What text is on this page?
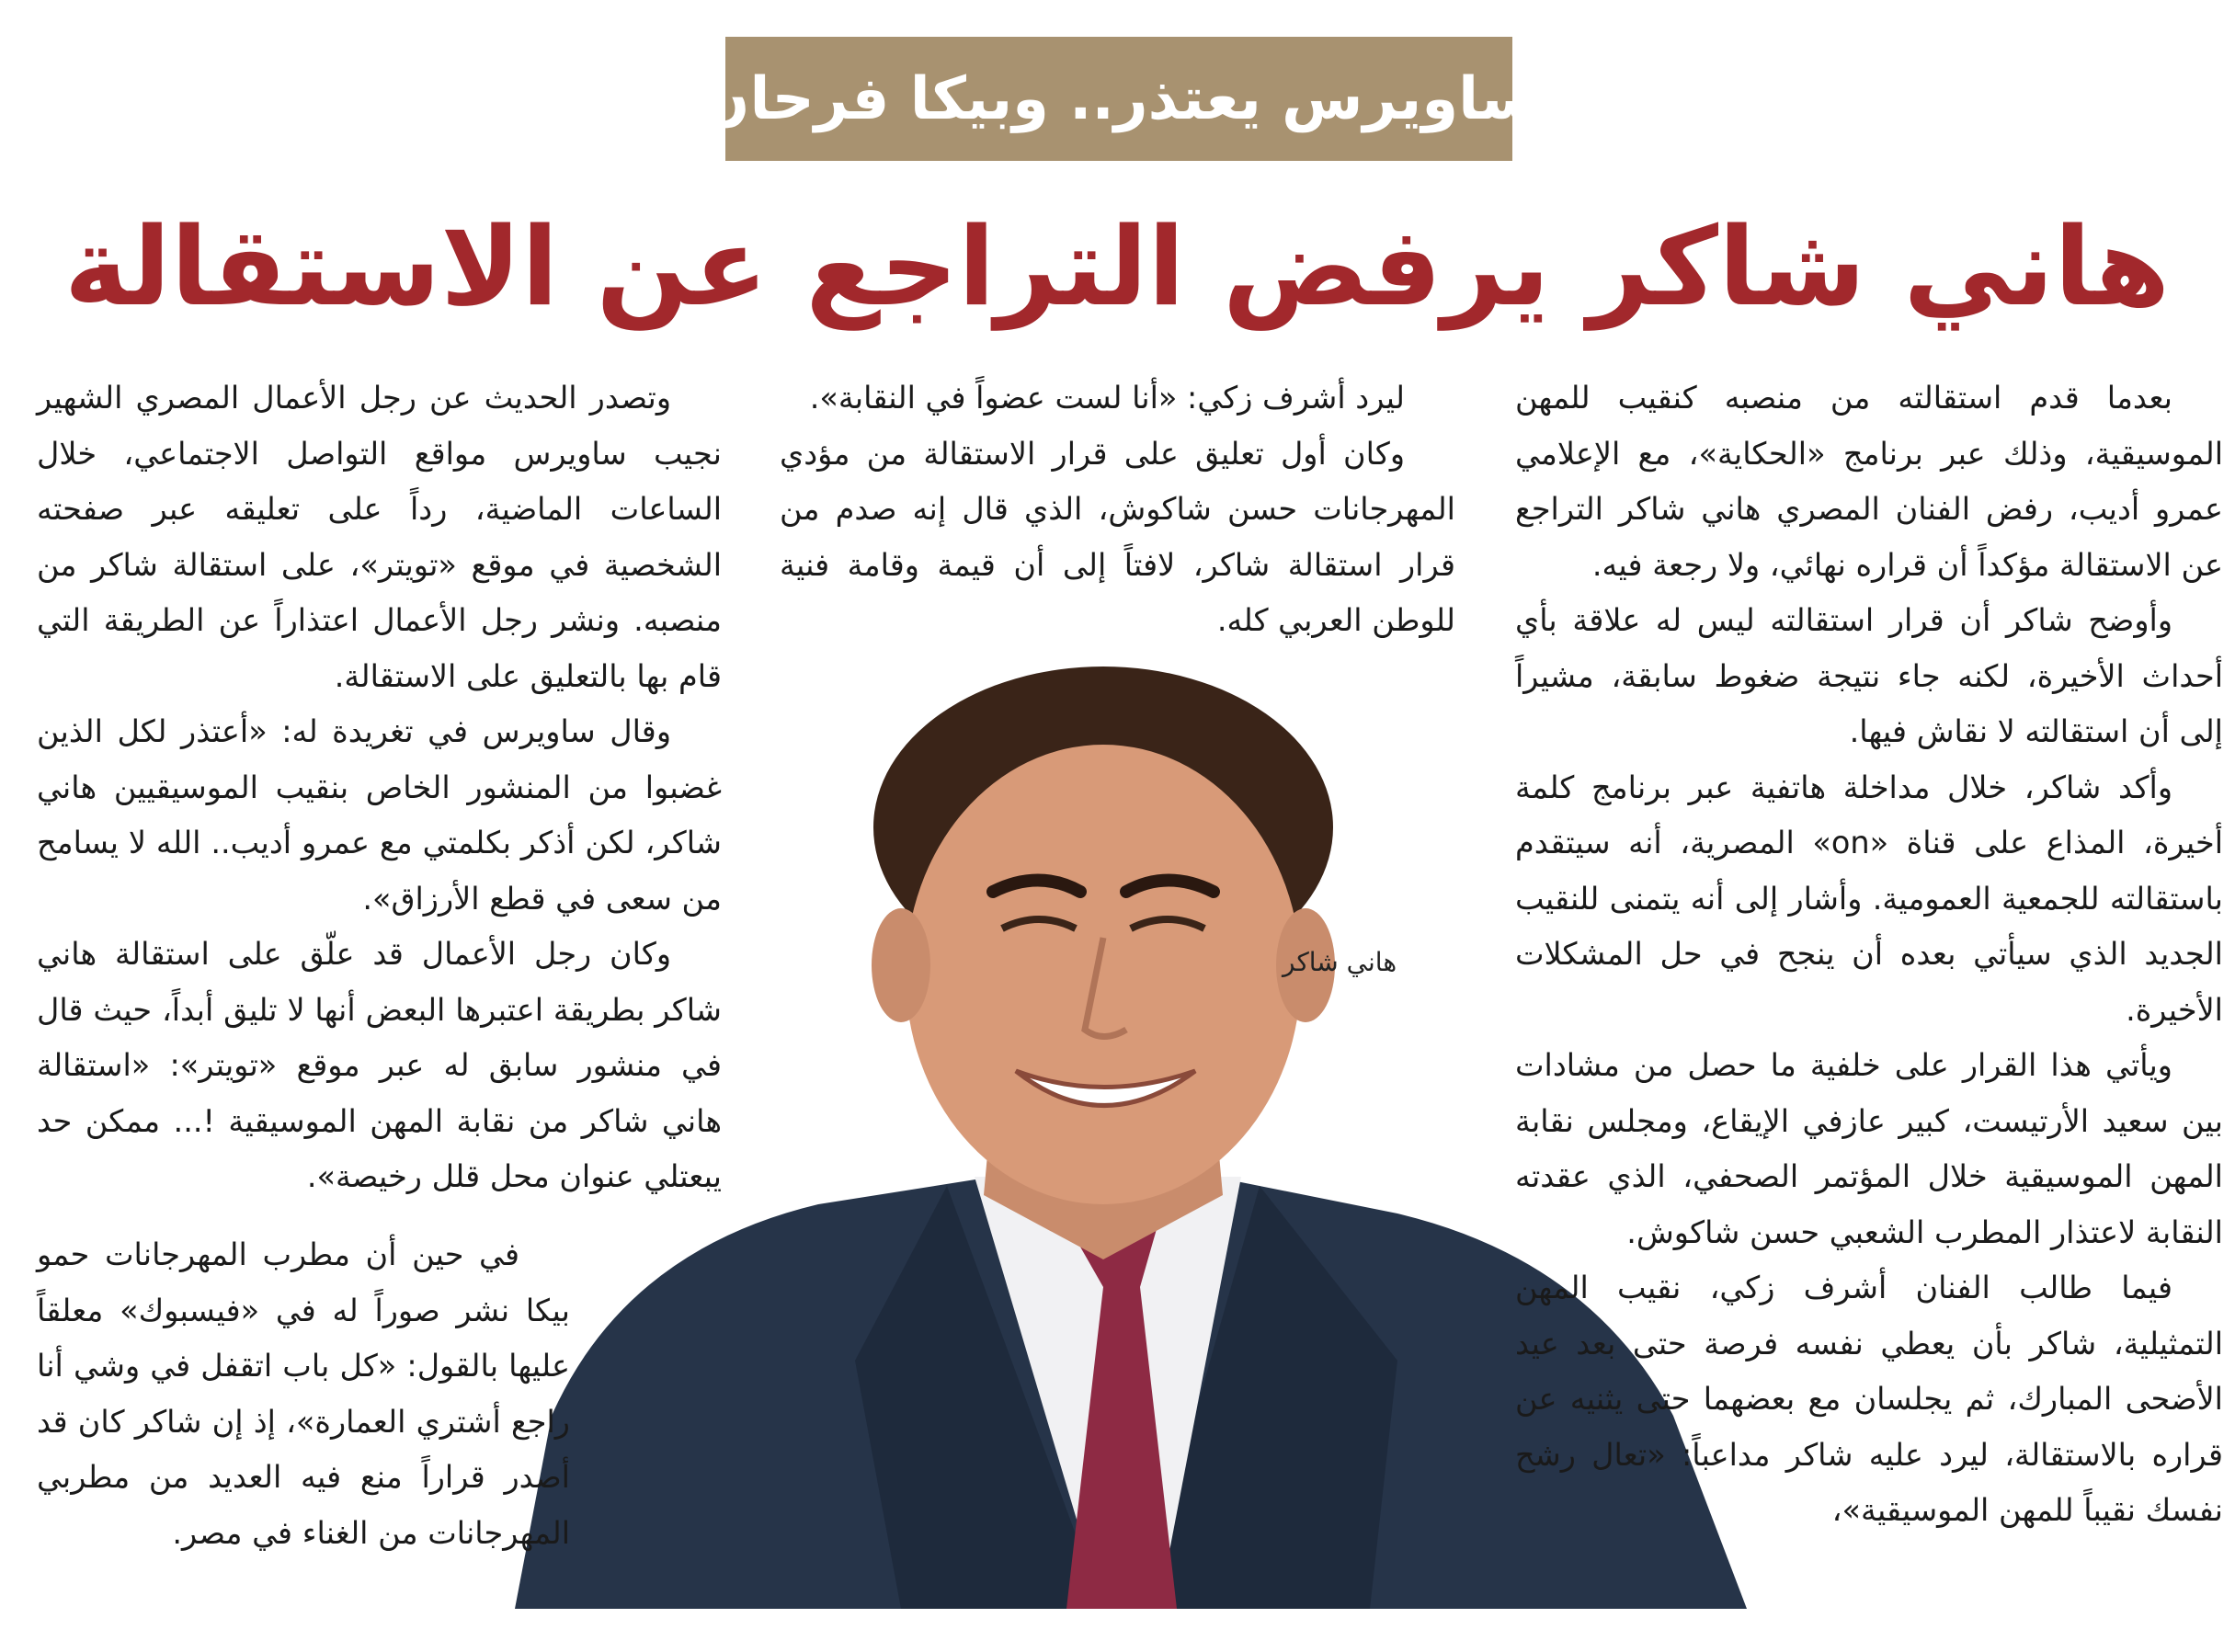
ساويرس يعتذر.. وبيكا فرحان
هاني شاكر يرفض التراجع عن الاستقالة
هاني شاكر

بعدما قدم استقالته من منصبه كنقيب للمهن الموسيقية، وذلك عبر برنامج «الحكاية»، مع الإعلامي عمرو أديب، رفض الفنان المصري هاني شاكر التراجع عن الاستقالة مؤكداً أن قراره نهائي، ولا رجعة فيه.

وأوضح شاكر أن قرار استقالته ليس له علاقة بأي أحداث الأخيرة، لكنه جاء نتيجة ضغوط سابقة، مشيراً إلى أن استقالته لا نقاش فيها.

وأكد شاكر، خلال مداخلة هاتفية عبر برنامج كلمة أخيرة، المذاع على قناة «on» المصرية، أنه سيتقدم باستقالته للجمعية العمومية. وأشار إلى أنه يتمنى للنقيب الجديد الذي سيأتي بعده أن ينجح في حل المشكلات الأخيرة.

ويأتي هذا القرار على خلفية ما حصل من مشادات بين سعيد الأرتيست، كبير عازفي الإيقاع، ومجلس نقابة المهن الموسيقية خلال المؤتمر الصحفي، الذي عقدته النقابة لاعتذار المطرب الشعبي حسن شاكوش.

فيما طالب الفنان أشرف زكي، نقيب المهن التمثيلية، شاكر بأن يعطي نفسه فرصة حتى بعد عيد الأضحى المبارك، ثم يجلسان مع بعضهما حتى يثنيه عن قراره بالاستقالة، ليرد عليه شاكر مداعباً: «تعال رشح نفسك نقيباً للمهن الموسيقية»،

ليرد أشرف زكي: «أنا لست عضواً في النقابة».

وكان أول تعليق على قرار الاستقالة من مؤدي المهرجانات حسن شاكوش، الذي قال إنه صدم من قرار استقالة شاكر، لافتاً إلى أن قيمة وقامة فنية للوطن العربي كله.

وتصدر الحديث عن رجل الأعمال المصري الشهير نجيب ساويرس مواقع التواصل الاجتماعي، خلال الساعات الماضية، رداً على تعليقه عبر صفحته الشخصية في موقع «تويتر»، على استقالة شاكر من منصبه. ونشر رجل الأعمال اعتذاراً عن الطريقة التي قام بها بالتعليق على الاستقالة.

وقال ساويرس في تغريدة له: «أعتذر لكل الذين غضبوا من المنشور الخاص بنقيب الموسيقيين هاني شاكر، لكن أذكر بكلمتي مع عمرو أديب.. الله لا يسامح من سعى في قطع الأرزاق».

وكان رجل الأعمال قد علّق على استقالة هاني شاكر بطريقة اعتبرها البعض أنها لا تليق أبداً، حيث قال في منشور سابق له عبر موقع «تويتر»: «استقالة هاني شاكر من نقابة المهن الموسيقية !... ممكن حد يبعتلي عنوان محل قلل رخيصة».

في حين أن مطرب المهرجانات حمو بيكا نشر صوراً له في «فيسبوك» معلقاً عليها بالقول: «كل باب اتقفل في وشي أنا راجع أشتري العمارة»، إذ إن شاكر كان قد أصدر قراراً منع فيه العديد من مطربي المهرجانات من الغناء في مصر.
